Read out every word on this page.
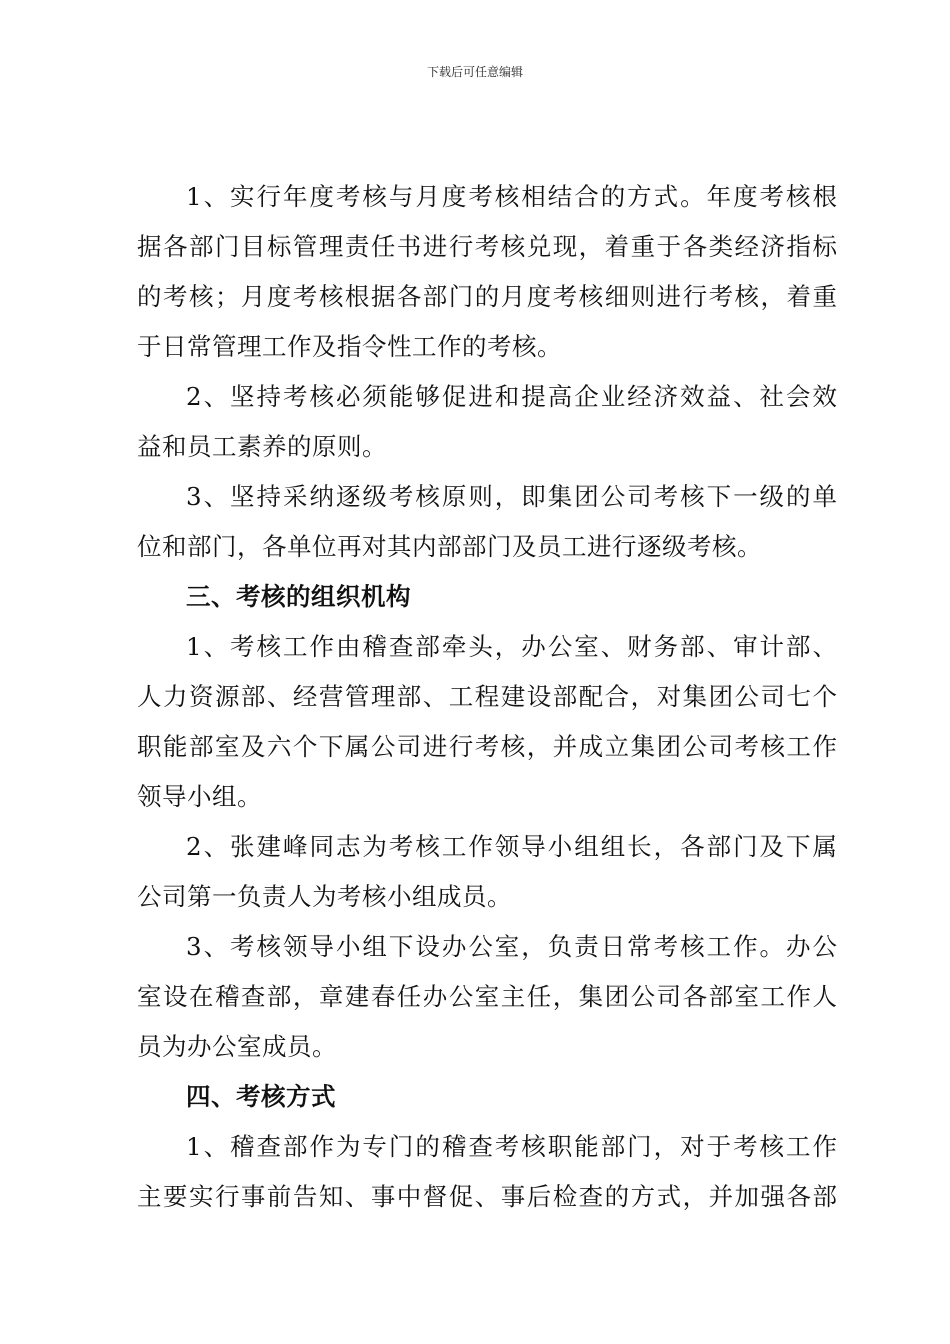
下载后可任意编辑
1、实行年度考核与月度考核相结合的方式。年度考核根
据各部门目标管理责任书进行考核兑现，着重于各类经济指标
的考核；月度考核根据各部门的月度考核细则进行考核，着重
于日常管理工作及指令性工作的考核。
2、坚持考核必须能够促进和提高企业经济效益、社会效
益和员工素养的原则。
3、坚持采纳逐级考核原则，即集团公司考核下一级的单
位和部门，各单位再对其内部部门及员工进行逐级考核。
三、考核的组织机构
1、考核工作由稽查部牵头，办公室、财务部、审计部、
人力资源部、经营管理部、工程建设部配合，对集团公司七个
职能部室及六个下属公司进行考核，并成立集团公司考核工作
领导小组。
2、张建峰同志为考核工作领导小组组长，各部门及下属
公司第一负责人为考核小组成员。
3、考核领导小组下设办公室，负责日常考核工作。办公
室设在稽查部，章建春任办公室主任，集团公司各部室工作人
员为办公室成员。
四、考核方式
1、稽查部作为专门的稽查考核职能部门，对于考核工作
主要实行事前告知、事中督促、事后检查的方式，并加强各部
